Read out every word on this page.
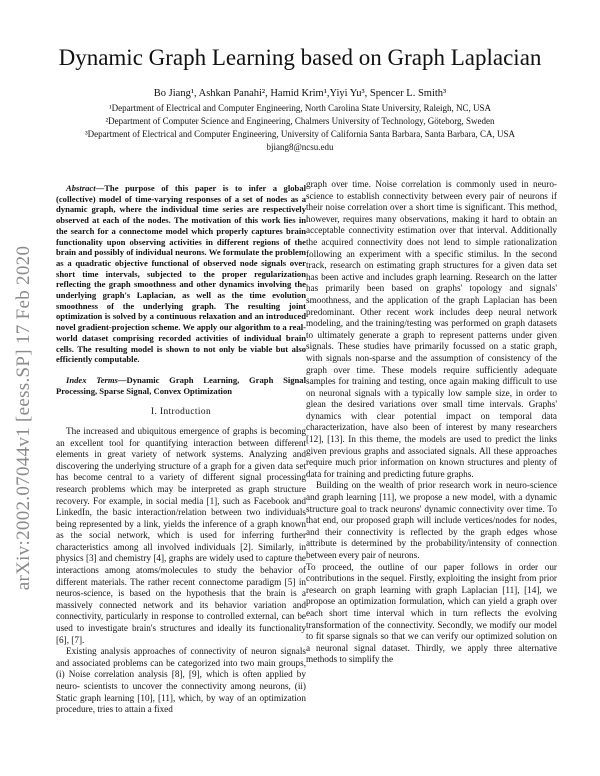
arXiv:2002.07044v1 [eess.SP] 17 Feb 2020
Dynamic Graph Learning based on Graph Laplacian
Bo Jiang¹, Ashkan Panahi², Hamid Krim¹,Yiyi Yu³, Spencer L. Smith³
¹Department of Electrical and Computer Engineering, North Carolina State University, Raleigh, NC, USA
²Department of Computer Science and Engineering, Chalmers University of Technology, Göteborg, Sweden
³Department of Electrical and Computer Engineering, University of California Santa Barbara, Santa Barbara, CA, USA
bjiang8@ncsu.edu

Abstract—The purpose of this paper is to infer a global (collective) model of time-varying responses of a set of nodes as a dynamic graph, where the individual time series are respectively observed at each of the nodes. The motivation of this work lies in the search for a connectome model which properly captures brain functionality upon observing activities in different regions of the brain and possibly of individual neurons. We formulate the problem as a quadratic objective functional of observed node signals over short time intervals, subjected to the proper regularization reflecting the graph smoothness and other dynamics involving the underlying graph's Laplacian, as well as the time evolution smoothness of the underlying graph. The resulting joint optimization is solved by a continuous relaxation and an introduced novel gradient-projection scheme. We apply our algorithm to a real-world dataset comprising recorded activities of individual brain cells. The resulting model is shown to not only be viable but also efficiently computable.

Index Terms—Dynamic Graph Learning, Graph Signal Processing, Sparse Signal, Convex Optimization

I. Introduction

The increased and ubiquitous emergence of graphs is becoming an excellent tool for quantifying interaction between different elements in great variety of network systems. Analyzing and discovering the underlying structure of a graph for a given data set has become central to a variety of different signal processing research problems which may be interpreted as graph structure recovery. For example, in social media [1], such as Facebook and LinkedIn, the basic interaction/relation between two individuals being represented by a link, yields the inference of a graph known as the social network, which is used for inferring further characteristics among all involved individuals [2]. Similarly, in physics [3] and chemistry [4], graphs are widely used to capture the interactions among atoms/molecules to study the behavior of different materials. The rather recent connectome paradigm [5] in neuros-science, is based on the hypothesis that the brain is a massively connected network and its behavior variation and connectivity, particularly in response to controlled external, can be used to investigate brain's structures and ideally its functionality [6], [7].

Existing analysis approaches of connectivity of neuron signals and associated problems can be categorized into two main groups, (i) Noise correlation analysis [8], [9], which is often applied by neuro- scientists to uncover the connectivity among neurons, (ii) Static graph learning [10], [11], which, by way of an optimization procedure, tries to attain a fixed

graph over time. Noise correlation is commonly used in neuro-science to establish connectivity between every pair of neurons if their noise correlation over a short time is significant. This method, however, requires many observations, making it hard to obtain an acceptable connectivity estimation over that interval. Additionally the acquired connectivity does not lend to simple rationalization following an experiment with a specific stimilus. In the second track, research on estimating graph structures for a given data set has been active and includes graph learning. Research on the latter has primarily been based on graphs' topology and signals' smoothness, and the application of the graph Laplacian has been predominant. Other recent work includes deep neural network modeling, and the training/testing was performed on graph datasets to ultimately generate a graph to represent patterns under given signals. These studies have primarily focussed on a static graph, with signals non-sparse and the assumption of consistency of the graph over time. These models require sufficiently adequate samples for training and testing, once again making difficult to use on neuronal signals with a typically low sample size, in order to glean the desired variations over small time intervals. Graphs' dynamics with clear potential impact on temporal data characterization, have also been of interest by many researchers [12], [13]. In this theme, the models are used to predict the links given previous graphs and associated signals. All these approaches require much prior information on known structures and plenty of data for training and predicting future graphs.

Building on the wealth of prior research work in neuro-science and graph learning [11], we propose a new model, with a dynamic structure goal to track neurons' dynamic connectivity over time. To that end, our proposed graph will include vertices/nodes for nodes, and their connectivity is reflected by the graph edges whose attribute is determined by the probability/intensity of connection between every pair of neurons.

To proceed, the outline of our paper follows in order our contributions in the sequel. Firstly, exploiting the insight from prior research on graph learning with graph Laplacian [11], [14], we propose an optimization formulation, which can yield a graph over each short time interval which in turn reflects the evolving transformation of the connectivity. Secondly, we modify our model to fit sparse signals so that we can verify our optimized solution on a neuronal signal dataset. Thirdly, we apply three alternative methods to simplify the
